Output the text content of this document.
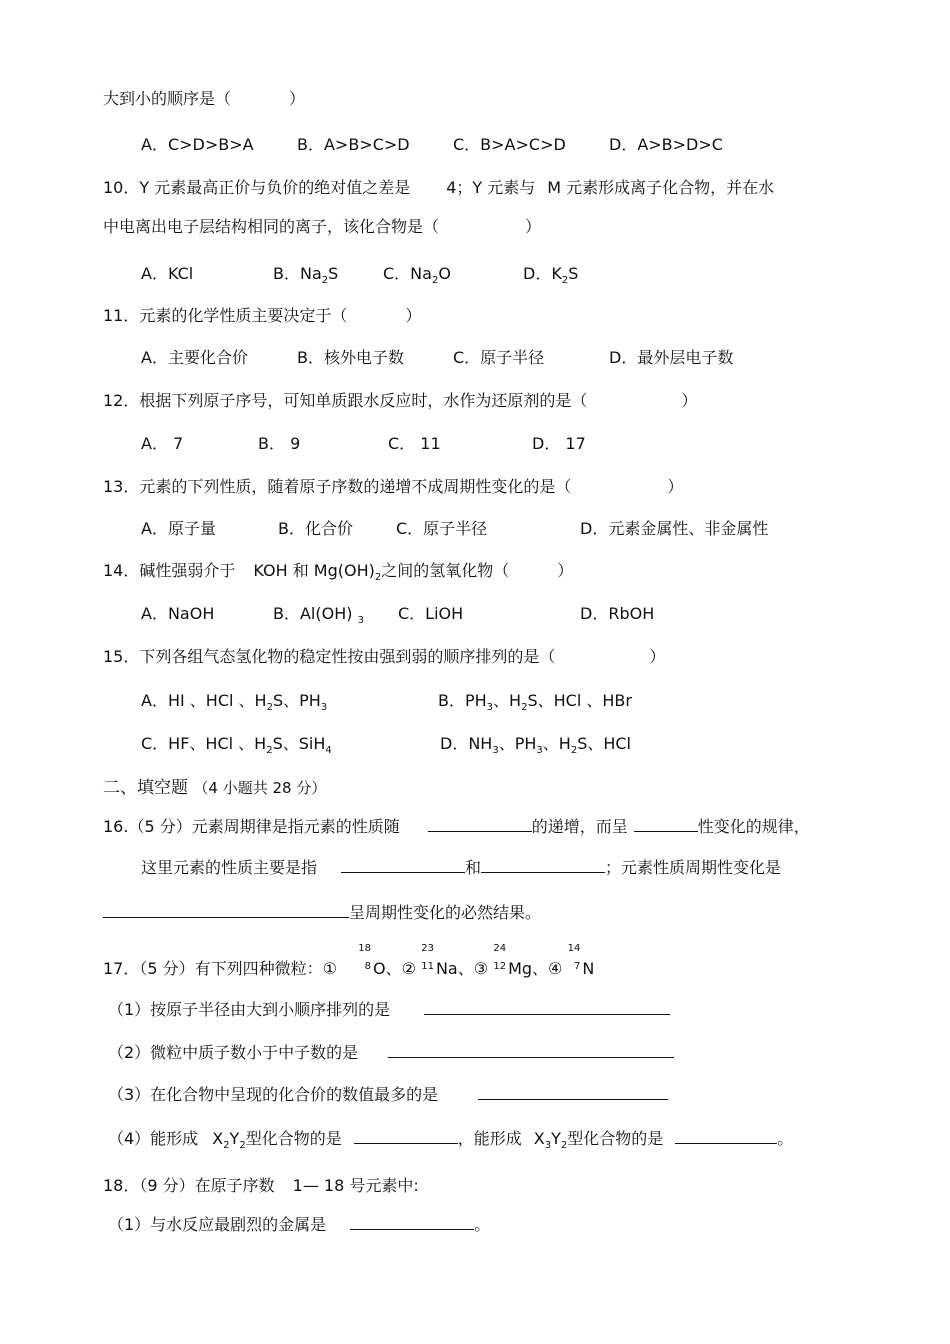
大到小的顺序是（	）
A．C>D>B>A	B．A>B>C>D	C．B>A>C>D	D．A>B>D>C
10．Y 元素最高正价与负价的绝对值之差是 4；Y 元素与 M 元素形成离子化合物，并在水
中电离出电子层结构相同的离子，该化合物是（	）
A．KCl	B．$Na_2S$	C．$Na_2O$	D．$K_2S$
11．元素的化学性质主要决定于（	）
A．主要化合价	B．核外电子数	C．原子半径	D．最外层电子数
12．根据下列原子序号，可知单质跟水反应时，水作为还原剂的是（	）
A． 7	B． 9	C． 11	D． 17
13．元素的下列性质，随着原子序数的递增不成周期性变化的是（	）
A．原子量	B．化合价	C．原子半径	D．元素金属性、非金属性
14．碱性强弱介于 KOH 和 $Mg(OH)_2$之间的氢氧化物（	）
A．NaOH	B．Al(OH) $_3$ C．LiOH	D．RbOH
15．下列各组气态氢化物的稳定性按由强到弱的顺序排列的是（	）
A．HI 、HCl 、$H_2S$、$PH_3$	B．$PH_3$、$H_2S$、HCl 、HBr
C．HF、HCl 、$H_2S$、SiH$_4$	D．$NH_3$、$PH_3$、$H_2S$、HCl
二、填空题 （4 小题共 28 分）
16.（5 分）元素周期律是指元素的性质随	的递增，而呈	性变化的规律，
这里元素的性质主要是指	和	；元素性质周期性变化是
呈周期性变化的必然结果。
17．（5 分）有下列四种微粒：①
18
8 O、②
23
11 Na、③
24
12 Mg、④
14
7 N
（1）按原子半径由大到小顺序排列的是
（2）微粒中质子数小于中子数的是
（3）在化合物中呈现的化合价的数值最多的是
（4）能形成 $X_2Y_2$型化合物的是	，能形成 $X_3Y_2$型化合物的是	。
18．（9 分）在原子序数 1— 18 号元素中:
（1）与水反应最剧烈的金属是	。
